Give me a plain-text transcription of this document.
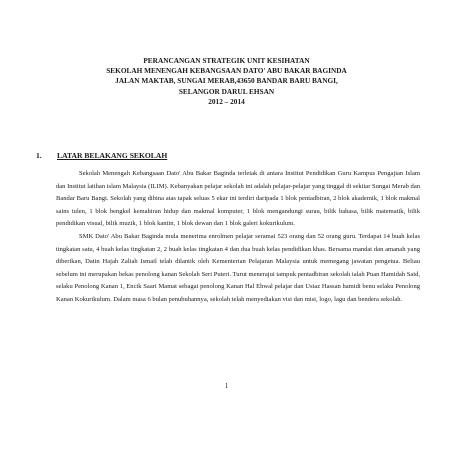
PERANCANGAN STRATEGIK UNIT KESIHATAN
SEKOLAH MENENGAH KEBANGSAAN DATO' ABU BAKAR BAGINDA
JALAN MAKTAB, SUNGAI MERAB,43650 BANDAR BARU BANGI,
SELANGOR DARUL EHSAN
2012 – 2014
1. LATAR BELAKANG SEKOLAH

Sekolah Menengah Kebangsaan Dato' Abu Bakar Baginda terletak di antara Institut Pendidikan Guru Kampus Pengajian Islam dan Institut latihan islam Malaysia (ILIM). Kebanyakan pelajar sekolah ini adalah pelajar-pelajar yang tinggal di sekitar Sungai Merab dan Bandar Baru Bangi. Sekolah yang dibina atas tapak seluas 5 ekar ini terdiri daripada 1 blok pentadbiran, 2 blok akademik, 1 blok makmal sains tulen, 1 blok bengkel kemahiran hidup dan makmal komputer, 1 blok mengandungi surau, bilik bahasa, bilik matematik, bilik pendidikan visual, bilik muzik, 1 blok kantin, 1 blok dewan dan 1 blok galeri kokurikulum.

SMK Dato' Abu Bakar Baginda mula menerima enrolmen pelajar seramai 523 orang dan 52 orang guru. Terdapat 14 buah kelas tingkatan satu, 4 buah kelas tingkatan 2, 2 buah kelas tingkatan 4 dan dua buah kelas pendidikan khas. Bersama mandat dan amanah yang diberikan, Datin Hajah Zaliah Ismail telah dilantik oleh Kementerian Pelajaran Malaysia untuk memegang jawatan pengetua. Beliau sebelum ini merupakan bekas penolong kanan Sekolah Seri Puteri. Turut menerajui tampuk pentadbiran sekolah ialah Puan Hamidah Said, selaku Penolong Kanan 1, Encik Saari Mamat sebagai penolong Kanan Hal Ehwal pelajar dan Ustaz Hassan hamidi benu selaku Penolong Kanan Kokurikulum. Dalam masa 6 bulan penubuhannya, sekolah telah menyediakan visi dan misi, logo, lagu dan bendera sekolah.

1
